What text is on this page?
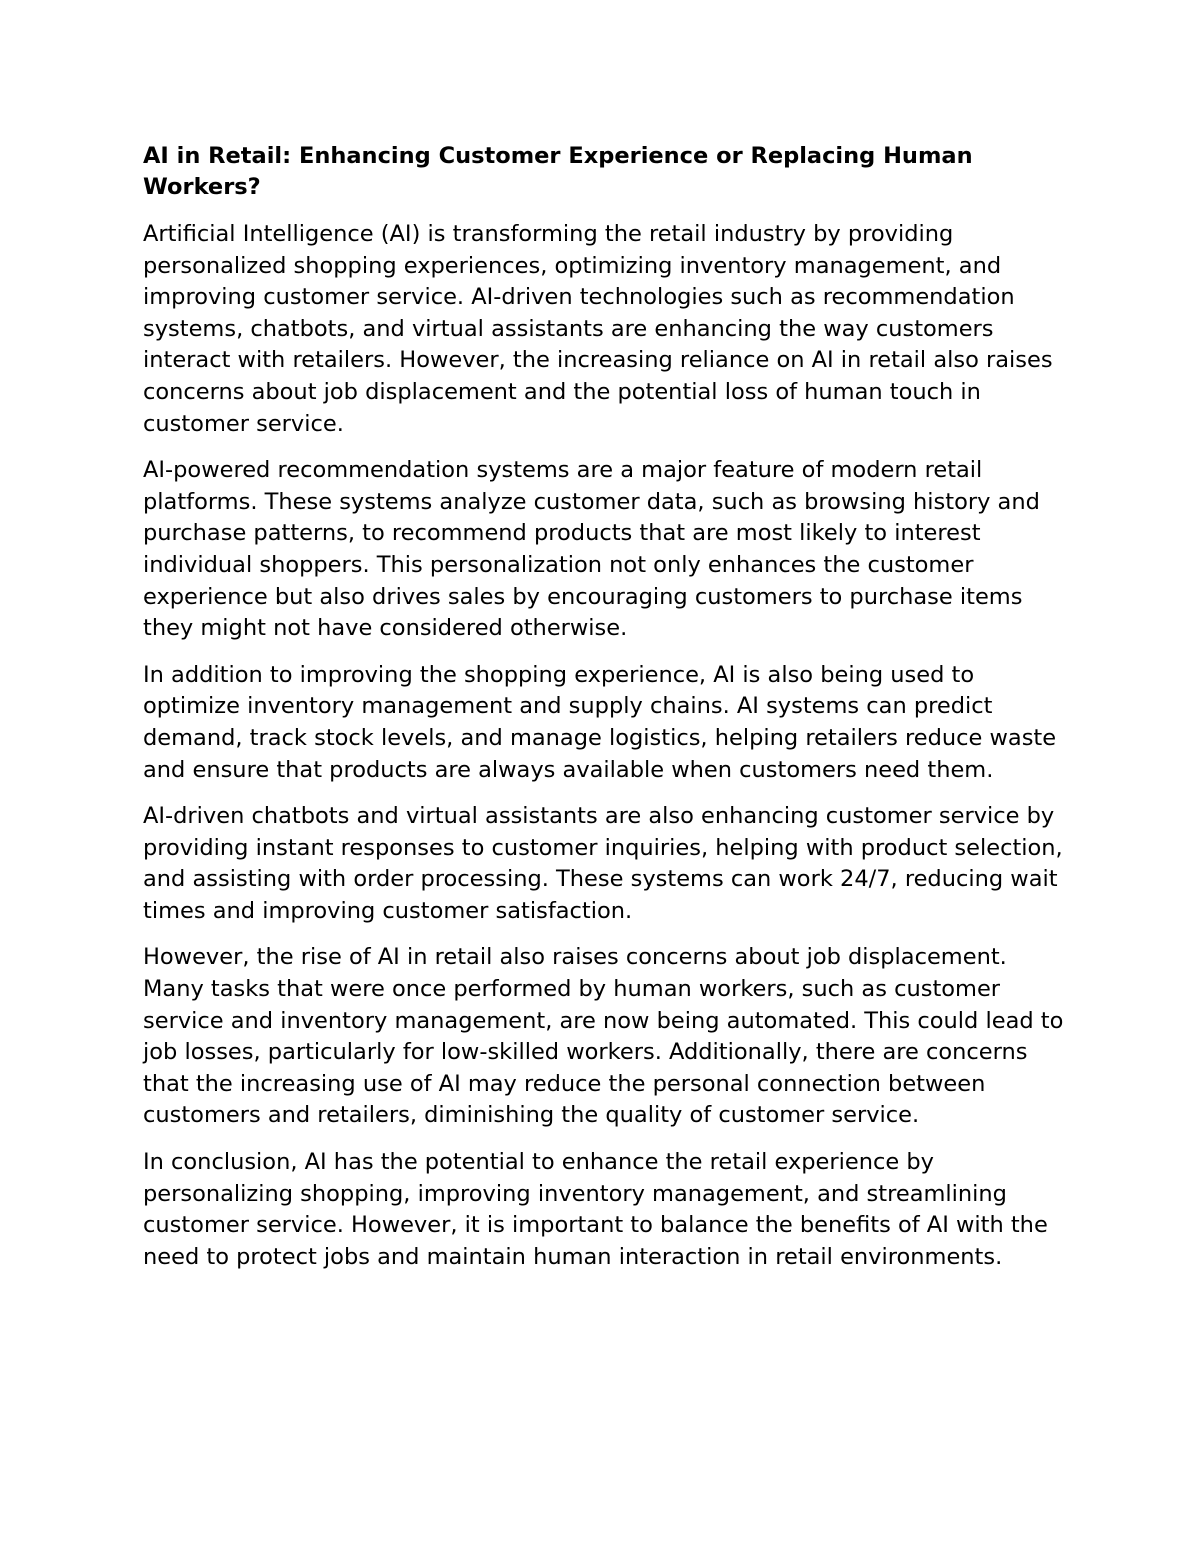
AI in Retail: Enhancing Customer Experience or Replacing Human Workers?

Artificial Intelligence (AI) is transforming the retail industry by providing personalized shopping experiences, optimizing inventory management, and improving customer service. AI-driven technologies such as recommendation systems, chatbots, and virtual assistants are enhancing the way customers interact with retailers. However, the increasing reliance on AI in retail also raises concerns about job displacement and the potential loss of human touch in customer service.

AI-powered recommendation systems are a major feature of modern retail platforms. These systems analyze customer data, such as browsing history and purchase patterns, to recommend products that are most likely to interest individual shoppers. This personalization not only enhances the customer experience but also drives sales by encouraging customers to purchase items they might not have considered otherwise.

In addition to improving the shopping experience, AI is also being used to optimize inventory management and supply chains. AI systems can predict demand, track stock levels, and manage logistics, helping retailers reduce waste and ensure that products are always available when customers need them.

AI-driven chatbots and virtual assistants are also enhancing customer service by providing instant responses to customer inquiries, helping with product selection, and assisting with order processing. These systems can work 24/7, reducing wait times and improving customer satisfaction.

However, the rise of AI in retail also raises concerns about job displacement. Many tasks that were once performed by human workers, such as customer service and inventory management, are now being automated. This could lead to job losses, particularly for low-skilled workers. Additionally, there are concerns that the increasing use of AI may reduce the personal connection between customers and retailers, diminishing the quality of customer service.

In conclusion, AI has the potential to enhance the retail experience by personalizing shopping, improving inventory management, and streamlining customer service. However, it is important to balance the benefits of AI with the need to protect jobs and maintain human interaction in retail environments.
